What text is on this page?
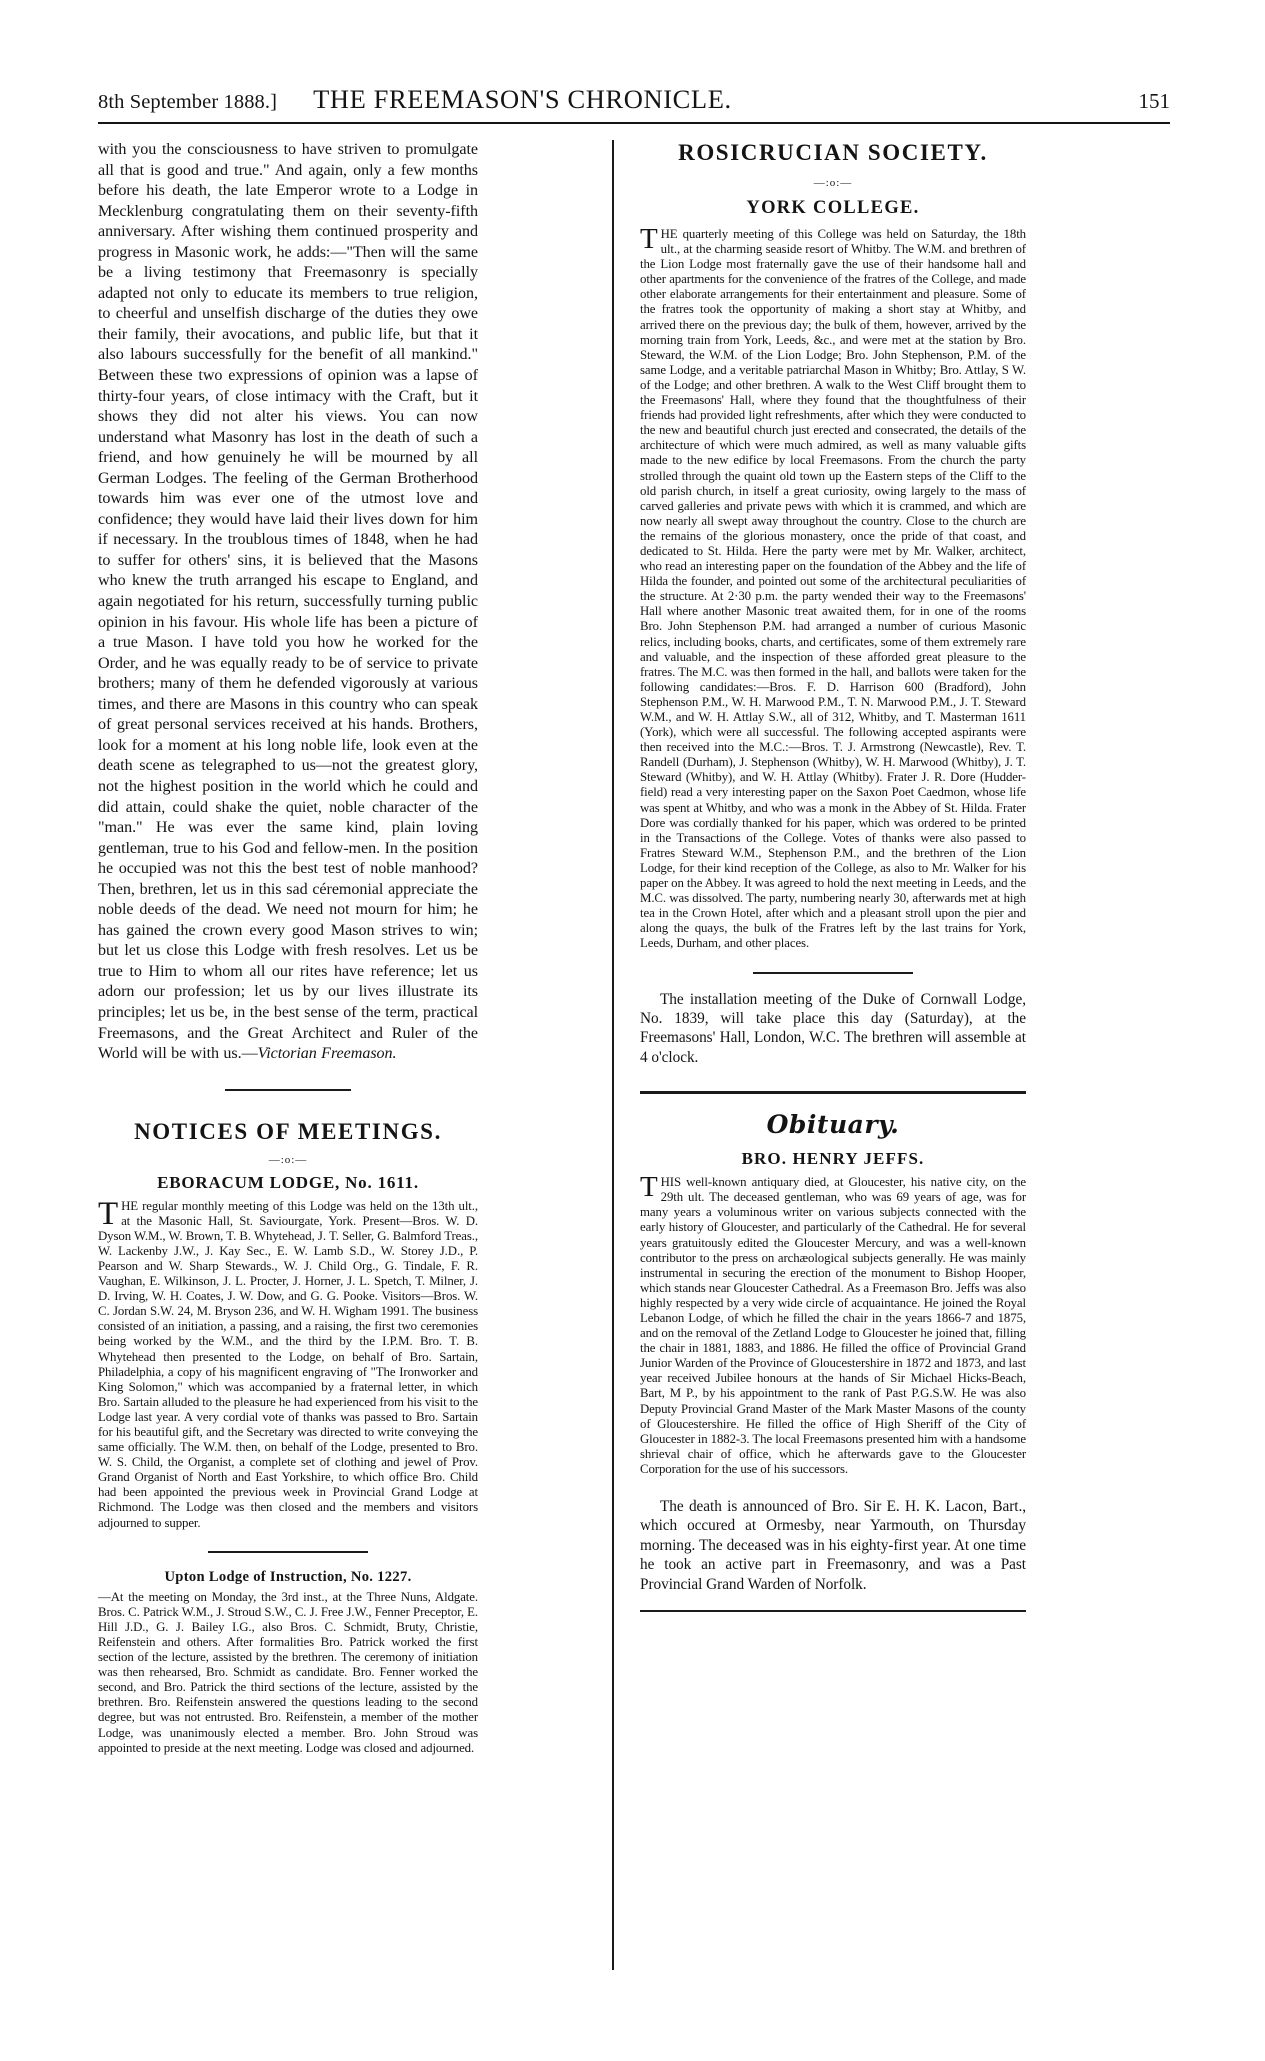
8th September 1888.] THE FREEMASON'S CHRONICLE.	151

with you the consciousness to have striven to promulgate all that is good and true." And again, only a few months before his death, the late Emperor wrote to a Lodge in Mecklenburg congratulating them on their seventy-fifth anniversary. After wishing them continued prosperity and progress in Masonic work, he adds:—"Then will the same be a living testimony that Freemasonry is specially adapted not only to educate its members to true religion, to cheerful and unselfish discharge of the duties they owe their family, their avocations, and public life, but that it also labours successfully for the benefit of all mankind." Between these two expressions of opinion was a lapse of thirty-four years, of close intimacy with the Craft, but it shows they did not alter his views. You can now understand what Masonry has lost in the death of such a friend, and how genuinely he will be mourned by all German Lodges. The feeling of the German Brotherhood towards him was ever one of the utmost love and confidence; they would have laid their lives down for him if necessary. In the troublous times of 1848, when he had to suffer for others' sins, it is believed that the Masons who knew the truth arranged his escape to England, and again negotiated for his return, successfully turning public opinion in his favour. His whole life has been a picture of a true Mason. I have told you how he worked for the Order, and he was equally ready to be of service to private brothers; many of them he defended vigorously at various times, and there are Masons in this country who can speak of great personal services received at his hands. Brothers, look for a moment at his long noble life, look even at the death scene as telegraphed to us—not the greatest glory, not the highest position in the world which he could and did attain, could shake the quiet, noble character of the "man." He was ever the same kind, plain loving gentleman, true to his God and fellow-men. In the position he occupied was not this the best test of noble manhood? Then, brethren, let us in this sad céremonial appreciate the noble deeds of the dead. We need not mourn for him; he has gained the crown every good Mason strives to win; but let us close this Lodge with fresh resolves. Let us be true to Him to whom all our rites have reference; let us adorn our profession; let us by our lives illustrate its principles; let us be, in the best sense of the term, practical Freemasons, and the Great Architect and Ruler of the World will be with us.—Victorian Freemason.

NOTICES OF MEETINGS.

—:o:—

EBORACUM LODGE, No. 1611.

THE regular monthly meeting of this Lodge was held on the 13th ult., at the Masonic Hall, St. Saviourgate, York. Present—Bros. W. D. Dyson W.M., W. Brown, T. B. Whytehead, J. T. Seller, G. Balmford Treas., W. Lackenby J.W., J. Kay Sec., E. W. Lamb S.D., W. Storey J.D., P. Pearson and W. Sharp Stewards., W. J. Child Org., G. Tindale, F. R. Vaughan, E. Wilkinson, J. L. Procter, J. Horner, J. L. Spetch, T. Milner, J. D. Irving, W. H. Coates, J. W. Dow, and G. G. Pooke. Visitors—Bros. W. C. Jordan S.W. 24, M. Bryson 236, and W. H. Wigham 1991. The business consisted of an initiation, a passing, and a raising, the first two ceremonies being worked by the W.M., and the third by the I.P.M. Bro. T. B. Whytehead then presented to the Lodge, on behalf of Bro. Sartain, Philadelphia, a copy of his magnificent engraving of "The Ironworker and King Solomon," which was accompanied by a fraternal letter, in which Bro. Sartain alluded to the pleasure he had experienced from his visit to the Lodge last year. A very cordial vote of thanks was passed to Bro. Sartain for his beautiful gift, and the Secretary was directed to write conveying the same officially. The W.M. then, on behalf of the Lodge, presented to Bro. W. S. Child, the Organist, a complete set of clothing and jewel of Prov. Grand Organist of North and East Yorkshire, to which office Bro. Child had been appointed the previous week in Provincial Grand Lodge at Richmond. The Lodge was then closed and the members and visitors adjourned to supper.

Upton Lodge of Instruction, No. 1227.

—At the meeting on Monday, the 3rd inst., at the Three Nuns, Aldgate. Bros. C. Patrick W.M., J. Stroud S.W., C. J. Free J.W., Fenner Preceptor, E. Hill J.D., G. J. Bailey I.G., also Bros. C. Schmidt, Bruty, Christie, Reifenstein and others. After formalities Bro. Patrick worked the first section of the lecture, assisted by the brethren. The ceremony of initiation was then rehearsed, Bro. Schmidt as candidate. Bro. Fenner worked the second, and Bro. Patrick the third sections of the lecture, assisted by the brethren. Bro. Reifenstein answered the questions leading to the second degree, but was not entrusted. Bro. Reifenstein, a member of the mother Lodge, was unanimously elected a member. Bro. John Stroud was appointed to preside at the next meeting. Lodge was closed and adjourned.

ROSICRUCIAN SOCIETY.

—:o:—

YORK COLLEGE.

THE quarterly meeting of this College was held on Saturday, the 18th ult., at the charming seaside resort of Whitby. The W.M. and brethren of the Lion Lodge most fraternally gave the use of their handsome hall and other apartments for the convenience of the fratres of the College, and made other elaborate arrangements for their entertainment and pleasure. Some of the fratres took the opportunity of making a short stay at Whitby, and arrived there on the previous day; the bulk of them, however, arrived by the morning train from York, Leeds, &c., and were met at the station by Bro. Steward, the W.M. of the Lion Lodge; Bro. John Stephenson, P.M. of the same Lodge, and a veritable patriarchal Mason in Whitby; Bro. Attlay, S W. of the Lodge; and other brethren. A walk to the West Cliff brought them to the Freemasons' Hall, where they found that the thoughtfulness of their friends had provided light refreshments, after which they were conducted to the new and beautiful church just erected and consecrated, the details of the architecture of which were much admired, as well as many valuable gifts made to the new edifice by local Freemasons. From the church the party strolled through the quaint old town up the Eastern steps of the Cliff to the old parish church, in itself a great curiosity, owing largely to the mass of carved galleries and private pews with which it is crammed, and which are now nearly all swept away throughout the country. Close to the church are the remains of the glorious monastery, once the pride of that coast, and dedicated to St. Hilda. Here the party were met by Mr. Walker, architect, who read an interesting paper on the foundation of the Abbey and the life of Hilda the founder, and pointed out some of the architectural peculiarities of the structure. At 2·30 p.m. the party wended their way to the Freemasons' Hall where another Masonic treat awaited them, for in one of the rooms Bro. John Stephenson P.M. had arranged a number of curious Masonic relics, including books, charts, and certificates, some of them extremely rare and valuable, and the inspection of these afforded great pleasure to the fratres. The M.C. was then formed in the hall, and ballots were taken for the following candidates:—Bros. F. D. Harrison 600 (Bradford), John Stephenson P.M., W. H. Marwood P.M., T. N. Marwood P.M., J. T. Steward W.M., and W. H. Attlay S.W., all of 312, Whitby, and T. Masterman 1611 (York), which were all successful. The following accepted aspirants were then received into the M.C.:—Bros. T. J. Armstrong (Newcastle), Rev. T. Randell (Durham), J. Stephenson (Whitby), W. H. Marwood (Whitby), J. T. Steward (Whitby), and W. H. Attlay (Whitby). Frater J. R. Dore (Hudder-field) read a very interesting paper on the Saxon Poet Caedmon, whose life was spent at Whitby, and who was a monk in the Abbey of St. Hilda. Frater Dore was cordially thanked for his paper, which was ordered to be printed in the Transactions of the College. Votes of thanks were also passed to Fratres Steward W.M., Stephenson P.M., and the brethren of the Lion Lodge, for their kind reception of the College, as also to Mr. Walker for his paper on the Abbey. It was agreed to hold the next meeting in Leeds, and the M.C. was dissolved. The party, numbering nearly 30, afterwards met at high tea in the Crown Hotel, after which and a pleasant stroll upon the pier and along the quays, the bulk of the Fratres left by the last trains for York, Leeds, Durham, and other places.

The installation meeting of the Duke of Cornwall Lodge, No. 1839, will take place this day (Saturday), at the Freemasons' Hall, London, W.C. The brethren will assemble at 4 o'clock.

Obituary.
BRO. HENRY JEFFS.

THIS well-known antiquary died, at Gloucester, his native city, on the 29th ult. The deceased gentleman, who was 69 years of age, was for many years a voluminous writer on various subjects connected with the early history of Gloucester, and particularly of the Cathedral. He for several years gratuitously edited the Gloucester Mercury, and was a well-known contributor to the press on archæological subjects generally. He was mainly instrumental in securing the erection of the monument to Bishop Hooper, which stands near Gloucester Cathedral. As a Freemason Bro. Jeffs was also highly respected by a very wide circle of acquaintance. He joined the Royal Lebanon Lodge, of which he filled the chair in the years 1866-7 and 1875, and on the removal of the Zetland Lodge to Gloucester he joined that, filling the chair in 1881, 1883, and 1886. He filled the office of Provincial Grand Junior Warden of the Province of Gloucestershire in 1872 and 1873, and last year received Jubilee honours at the hands of Sir Michael Hicks-Beach, Bart, M P., by his appointment to the rank of Past P.G.S.W. He was also Deputy Provincial Grand Master of the Mark Master Masons of the county of Gloucestershire. He filled the office of High Sheriff of the City of Gloucester in 1882-3. The local Freemasons presented him with a handsome shrieval chair of office, which he afterwards gave to the Gloucester Corporation for the use of his successors.

The death is announced of Bro. Sir E. H. K. Lacon, Bart., which occured at Ormesby, near Yarmouth, on Thursday morning. The deceased was in his eighty-first year. At one time he took an active part in Freemasonry, and was a Past Provincial Grand Warden of Norfolk.
